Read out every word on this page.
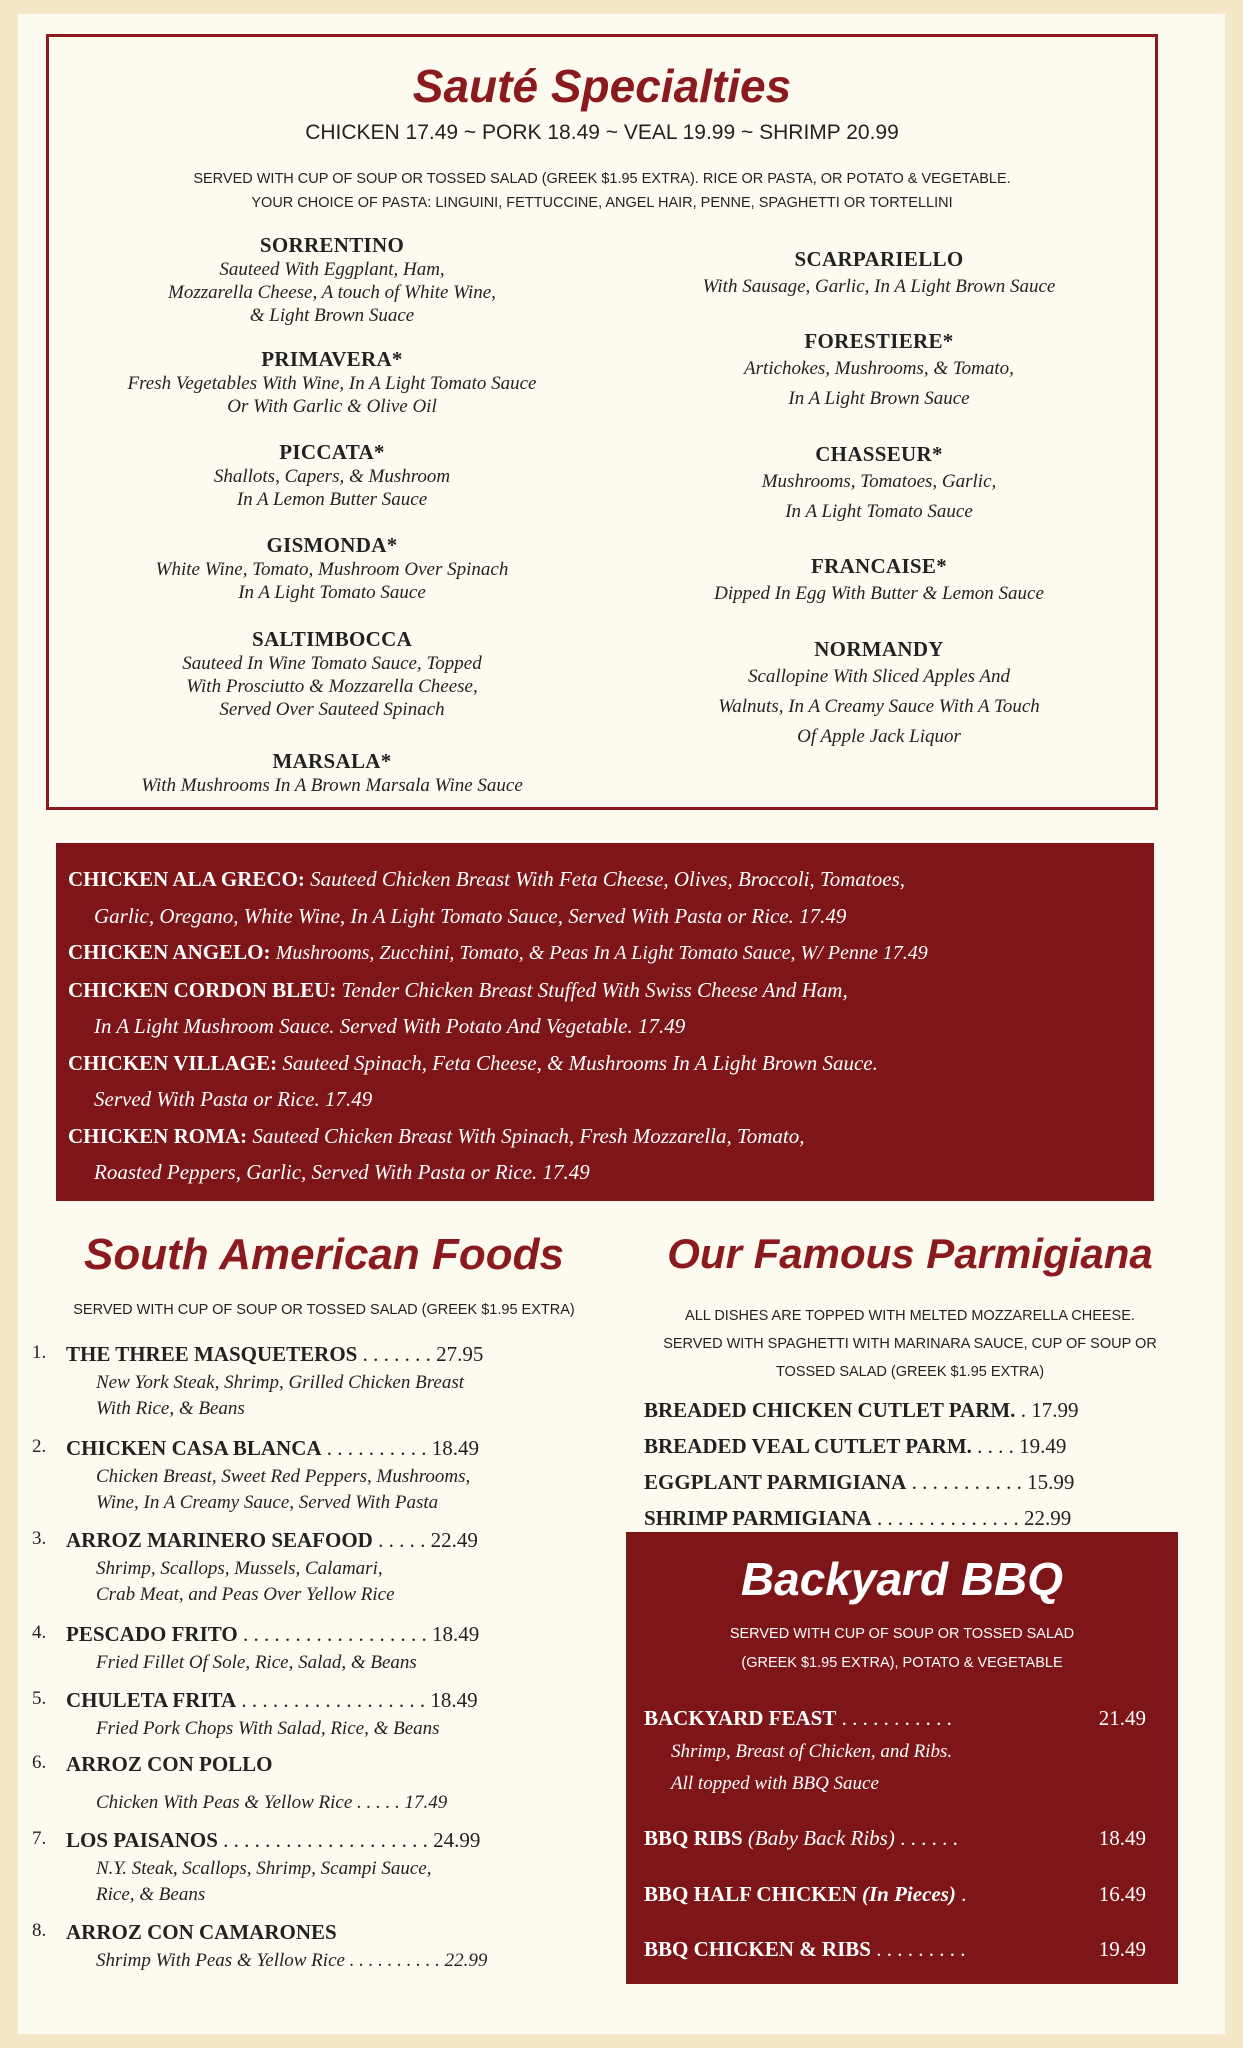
Sauté Specialties
CHICKEN 17.49 ~ PORK 18.49 ~ VEAL 19.99 ~ SHRIMP 20.99
SERVED WITH CUP OF SOUP OR TOSSED SALAD (GREEK $1.95 EXTRA). RICE OR PASTA, OR POTATO & VEGETABLE.
YOUR CHOICE OF PASTA: LINGUINI, FETTUCCINE, ANGEL HAIR, PENNE, SPAGHETTI OR TORTELLINI
SORRENTINO
Sauteed With Eggplant, Ham,
Mozzarella Cheese, A touch of White Wine,
& Light Brown Suace
PRIMAVERA*
Fresh Vegetables With Wine, In A Light Tomato Sauce
Or With Garlic & Olive Oil
PICCATA*
Shallots, Capers, & Mushroom
In A Lemon Butter Sauce
GISMONDA*
White Wine, Tomato, Mushroom Over Spinach
In A Light Tomato Sauce
SALTIMBOCCA
Sauteed In Wine Tomato Sauce, Topped
With Prosciutto & Mozzarella Cheese,
Served Over Sauteed Spinach
MARSALA*
With Mushrooms In A Brown Marsala Wine Sauce
SCARPARIELLO
With Sausage, Garlic, In A Light Brown Sauce
FORESTIERE*
Artichokes, Mushrooms, & Tomato,
In A Light Brown Sauce
CHASSEUR*
Mushrooms, Tomatoes, Garlic,
In A Light Tomato Sauce
FRANCAISE*
Dipped In Egg With Butter & Lemon Sauce
NORMANDY
Scallopine With Sliced Apples And
Walnuts, In A Creamy Sauce With A Touch
Of Apple Jack Liquor
CHICKEN ALA GRECO: Sauteed Chicken Breast With Feta Cheese, Olives, Broccoli, Tomatoes,
Garlic, Oregano, White Wine, In A Light Tomato Sauce, Served With Pasta or Rice. 17.49
CHICKEN ANGELO: Mushrooms, Zucchini, Tomato, & Peas In A Light Tomato Sauce, W/ Penne 17.49
CHICKEN CORDON BLEU: Tender Chicken Breast Stuffed With Swiss Cheese And Ham,
In A Light Mushroom Sauce. Served With Potato And Vegetable. 17.49
CHICKEN VILLAGE: Sauteed Spinach, Feta Cheese, & Mushrooms In A Light Brown Sauce.
Served With Pasta or Rice. 17.49
CHICKEN ROMA: Sauteed Chicken Breast With Spinach, Fresh Mozzarella, Tomato,
Roasted Peppers, Garlic, Served With Pasta or Rice. 17.49
South American Foods
SERVED WITH CUP OF SOUP OR TOSSED SALAD (GREEK $1.95 EXTRA)
1. THE THREE MASQUETEROS . . . . . . . 27.95
New York Steak, Shrimp, Grilled Chicken Breast
With Rice, & Beans
2. CHICKEN CASA BLANCA . . . . . . . . . . 18.49
Chicken Breast, Sweet Red Peppers, Mushrooms,
Wine, In A Creamy Sauce, Served With Pasta
3. ARROZ MARINERO SEAFOOD . . . . . 22.49
Shrimp, Scallops, Mussels, Calamari,
Crab Meat, and Peas Over Yellow Rice
4. PESCADO FRITO . . . . . . . . . . . . . . . . . . 18.49
Fried Fillet Of Sole, Rice, Salad, & Beans
5. CHULETA FRITA . . . . . . . . . . . . . . . . . . 18.49
Fried Pork Chops With Salad, Rice, & Beans
6. ARROZ CON POLLO
Chicken With Peas & Yellow Rice . . . . . 17.49
7. LOS PAISANOS . . . . . . . . . . . . . . . . . . . . 24.99
N.Y. Steak, Scallops, Shrimp, Scampi Sauce,
Rice, & Beans
8. ARROZ CON CAMARONES
Shrimp With Peas & Yellow Rice . . . . . . . . . . 22.99
Our Famous Parmigiana
ALL DISHES ARE TOPPED WITH MELTED MOZZARELLA CHEESE.
SERVED WITH SPAGHETTI WITH MARINARA SAUCE, CUP OF SOUP OR
TOSSED SALAD (GREEK $1.95 EXTRA)
BREADED CHICKEN CUTLET PARM. . 17.99
BREADED VEAL CUTLET PARM. . . . . 19.49
EGGPLANT PARMIGIANA . . . . . . . . . . . 15.99
SHRIMP PARMIGIANA . . . . . . . . . . . . . . 22.99
Backyard BBQ
SERVED WITH CUP OF SOUP OR TOSSED SALAD
(GREEK $1.95 EXTRA), POTATO & VEGETABLE
BACKYARD FEAST . . . . . . . . . . .	21.49
Shrimp, Breast of Chicken, and Ribs.
All topped with BBQ Sauce
BBQ RIBS (Baby Back Ribs) . . . . . .	18.49
BBQ HALF CHICKEN (In Pieces) .	16.49
BBQ CHICKEN & RIBS . . . . . . . . .	19.49
